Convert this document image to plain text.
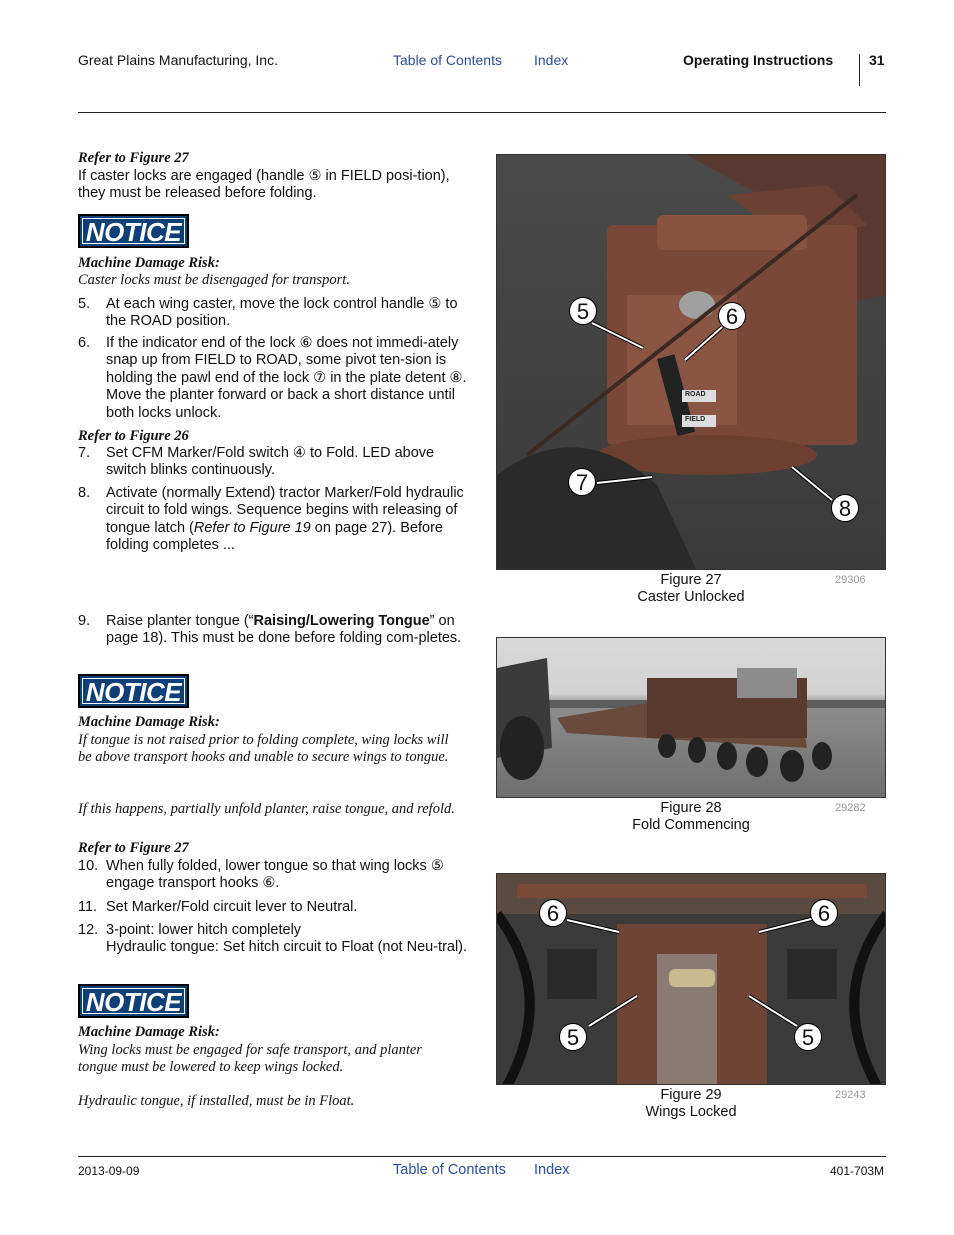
Great Plains Manufacturing, Inc.	Table of Contents Index	Operating Instructions	31
Refer to Figure 27
If caster locks are engaged (handle ⑤ in FIELD posi-tion), they must be released before folding.
NOTICE
Machine Damage Risk:
Caster locks must be disengaged for transport.
5. At each wing caster, move the lock control handle ⑤ to the ROAD position.
6. If the indicator end of the lock ⑥ does not immedi-ately snap up from FIELD to ROAD, some pivot ten-sion is holding the pawl end of the lock ⑦ in the plate detent ⑧. Move the planter forward or back a short distance until both locks unlock.
Refer to Figure 26
7. Set CFM Marker/Fold switch ④ to Fold. LED above switch blinks continuously.
8. Activate (normally Extend) tractor Marker/Fold hydraulic circuit to fold wings. Sequence begins with releasing of tongue latch (Refer to Figure 19 on page 27). Before folding completes ...
9. Raise planter tongue (“Raising/Lowering Tongue” on page 18). This must be done before folding com-pletes.
NOTICE
Machine Damage Risk:
If tongue is not raised prior to folding complete, wing locks will be above transport hooks and unable to secure wings to tongue.
If this happens, partially unfold planter, raise tongue, and refold.
Refer to Figure 27
10. When fully folded, lower tongue so that wing locks ⑤ engage transport hooks ⑥.
11. Set Marker/Fold circuit lever to Neutral.
12. 3-point: lower hitch completely
Hydraulic tongue: Set hitch circuit to Float (not Neu-tral).
NOTICE
Machine Damage Risk:
Wing locks must be engaged for safe transport, and planter tongue must be lowered to keep wings locked.
Hydraulic tongue, if installed, must be in Float.
ROAD
FIELD
5	6
7
8
Figure 27
Caster Unlocked
29306
Figure 28
Fold Commencing
29282
6	6
5	5
Figure 29
Wings Locked
29243
2013-09-09	Table of Contents Index	401-703M
